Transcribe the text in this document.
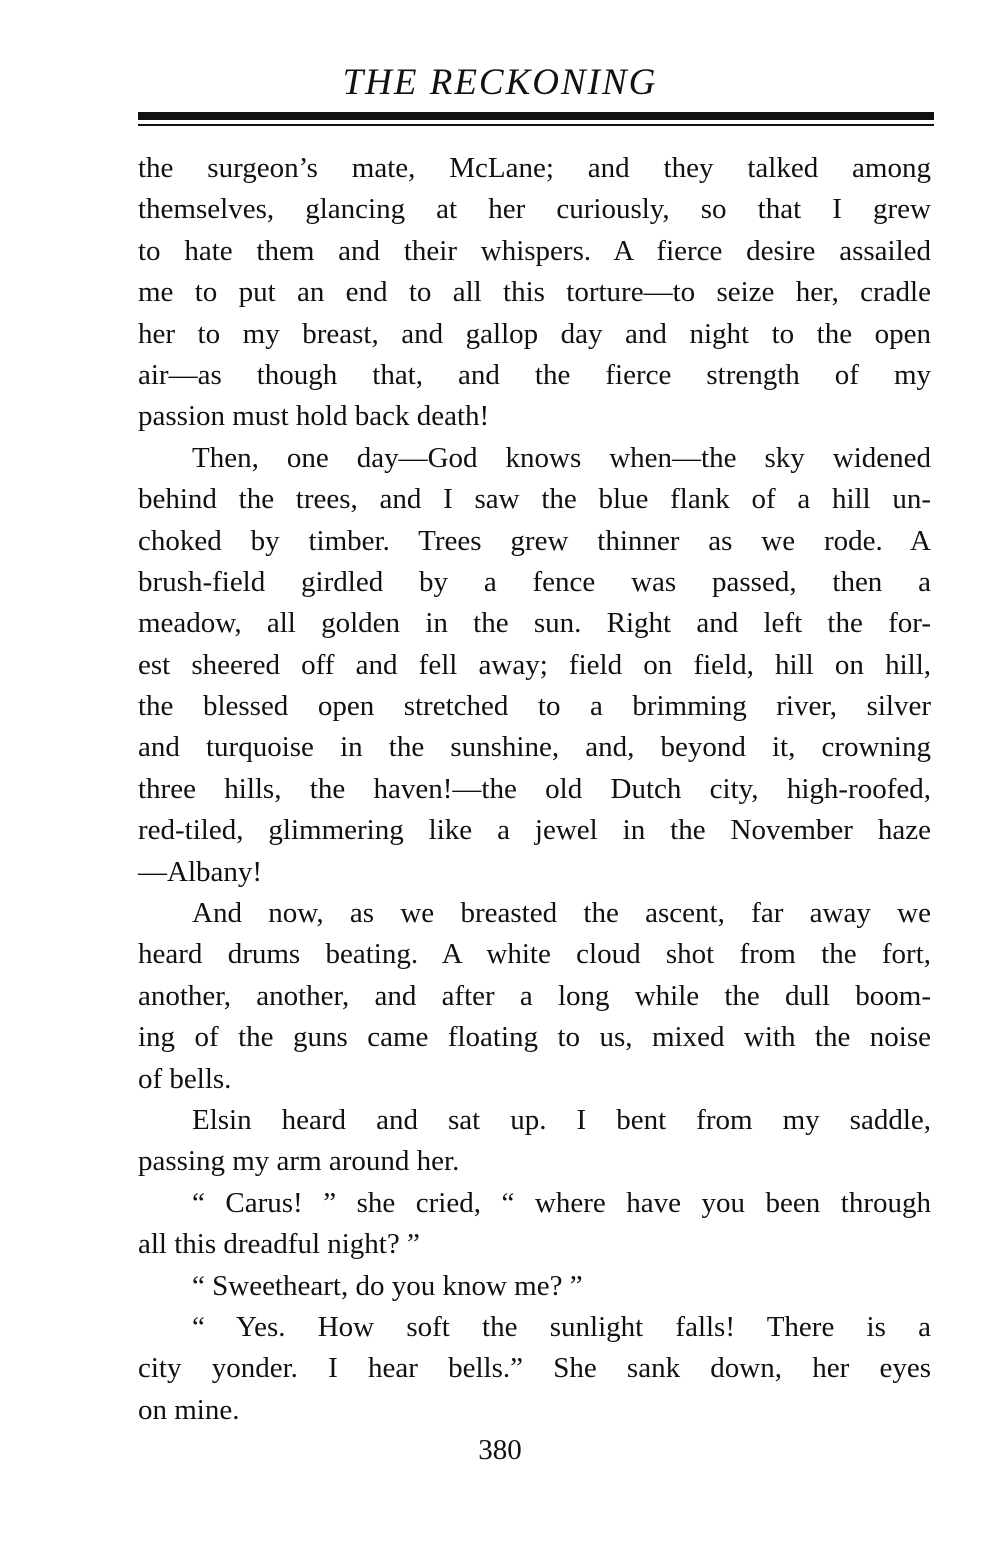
THE RECKONING
the surgeon’s mate, McLane; and they talked among
themselves, glancing at her curiously, so that I grew
to hate them and their whispers. A fierce desire assailed
me to put an end to all this torture—to seize her, cradle
her to my breast, and gallop day and night to the open
air—as though that, and the fierce strength of my
passion must hold back death!
Then, one day—God knows when—the sky widened
behind the trees, and I saw the blue flank of a hill un-
choked by timber. Trees grew thinner as we rode. A
brush-field girdled by a fence was passed, then a
meadow, all golden in the sun. Right and left the for-
est sheered off and fell away; field on field, hill on hill,
the blessed open stretched to a brimming river, silver
and turquoise in the sunshine, and, beyond it, crowning
three hills, the haven!—the old Dutch city, high-roofed,
red-tiled, glimmering like a jewel in the November haze
—Albany!
And now, as we breasted the ascent, far away we
heard drums beating. A white cloud shot from the fort,
another, another, and after a long while the dull boom-
ing of the guns came floating to us, mixed with the noise
of bells.
Elsin heard and sat up. I bent from my saddle,
passing my arm around her.
“ Carus! ” she cried, “ where have you been through
all this dreadful night? ”
“ Sweetheart, do you know me? ”
“ Yes. How soft the sunlight falls! There is a
city yonder. I hear bells.” She sank down, her eyes
on mine.
380
